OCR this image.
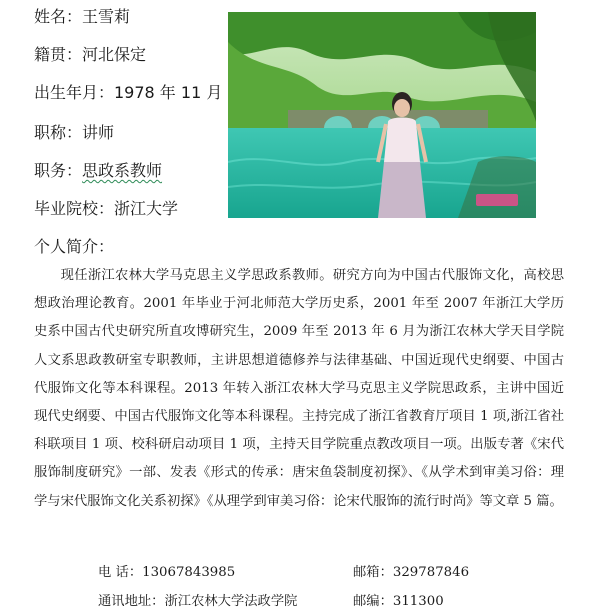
姓名：王雪莉
籍贯：河北保定
出生年月：1978 年 11 月
职称：讲师
职务：思政系教师
毕业院校：浙江大学
个人简介：

现任浙江农林大学马克思主义学思政系教师。研究方向为中国古代服饰文化，高校思想政治理论教育。2001 年毕业于河北师范大学历史系，2001 年至 2007 年浙江大学历史系中国古代史研究所直攻博研究生，2009 年至 2013 年 6 月为浙江农林大学天目学院人文系思政教研室专职教师，主讲思想道德修养与法律基础、中国近现代史纲要、中国古代服饰文化等本科课程。2013 年转入浙江农林大学马克思主义学院思政系，主讲中国近现代史纲要、中国古代服饰文化等本科课程。主持完成了浙江省教育厅项目 1 项,浙江省社科联项目 1 项、校科研启动项目 1 项，主持天目学院重点教改项目一项。出版专著《宋代服饰制度研究》一部、发表《形式的传承：唐宋鱼袋制度初探》、《从学术到审美习俗：理学与宋代服饰文化关系初探》《从理学到审美习俗：论宋代服饰的流行时尚》等文章 5 篇。

电 话：13067843985	邮箱：329787846
通讯地址：浙江农林大学法政学院	邮编：311300
